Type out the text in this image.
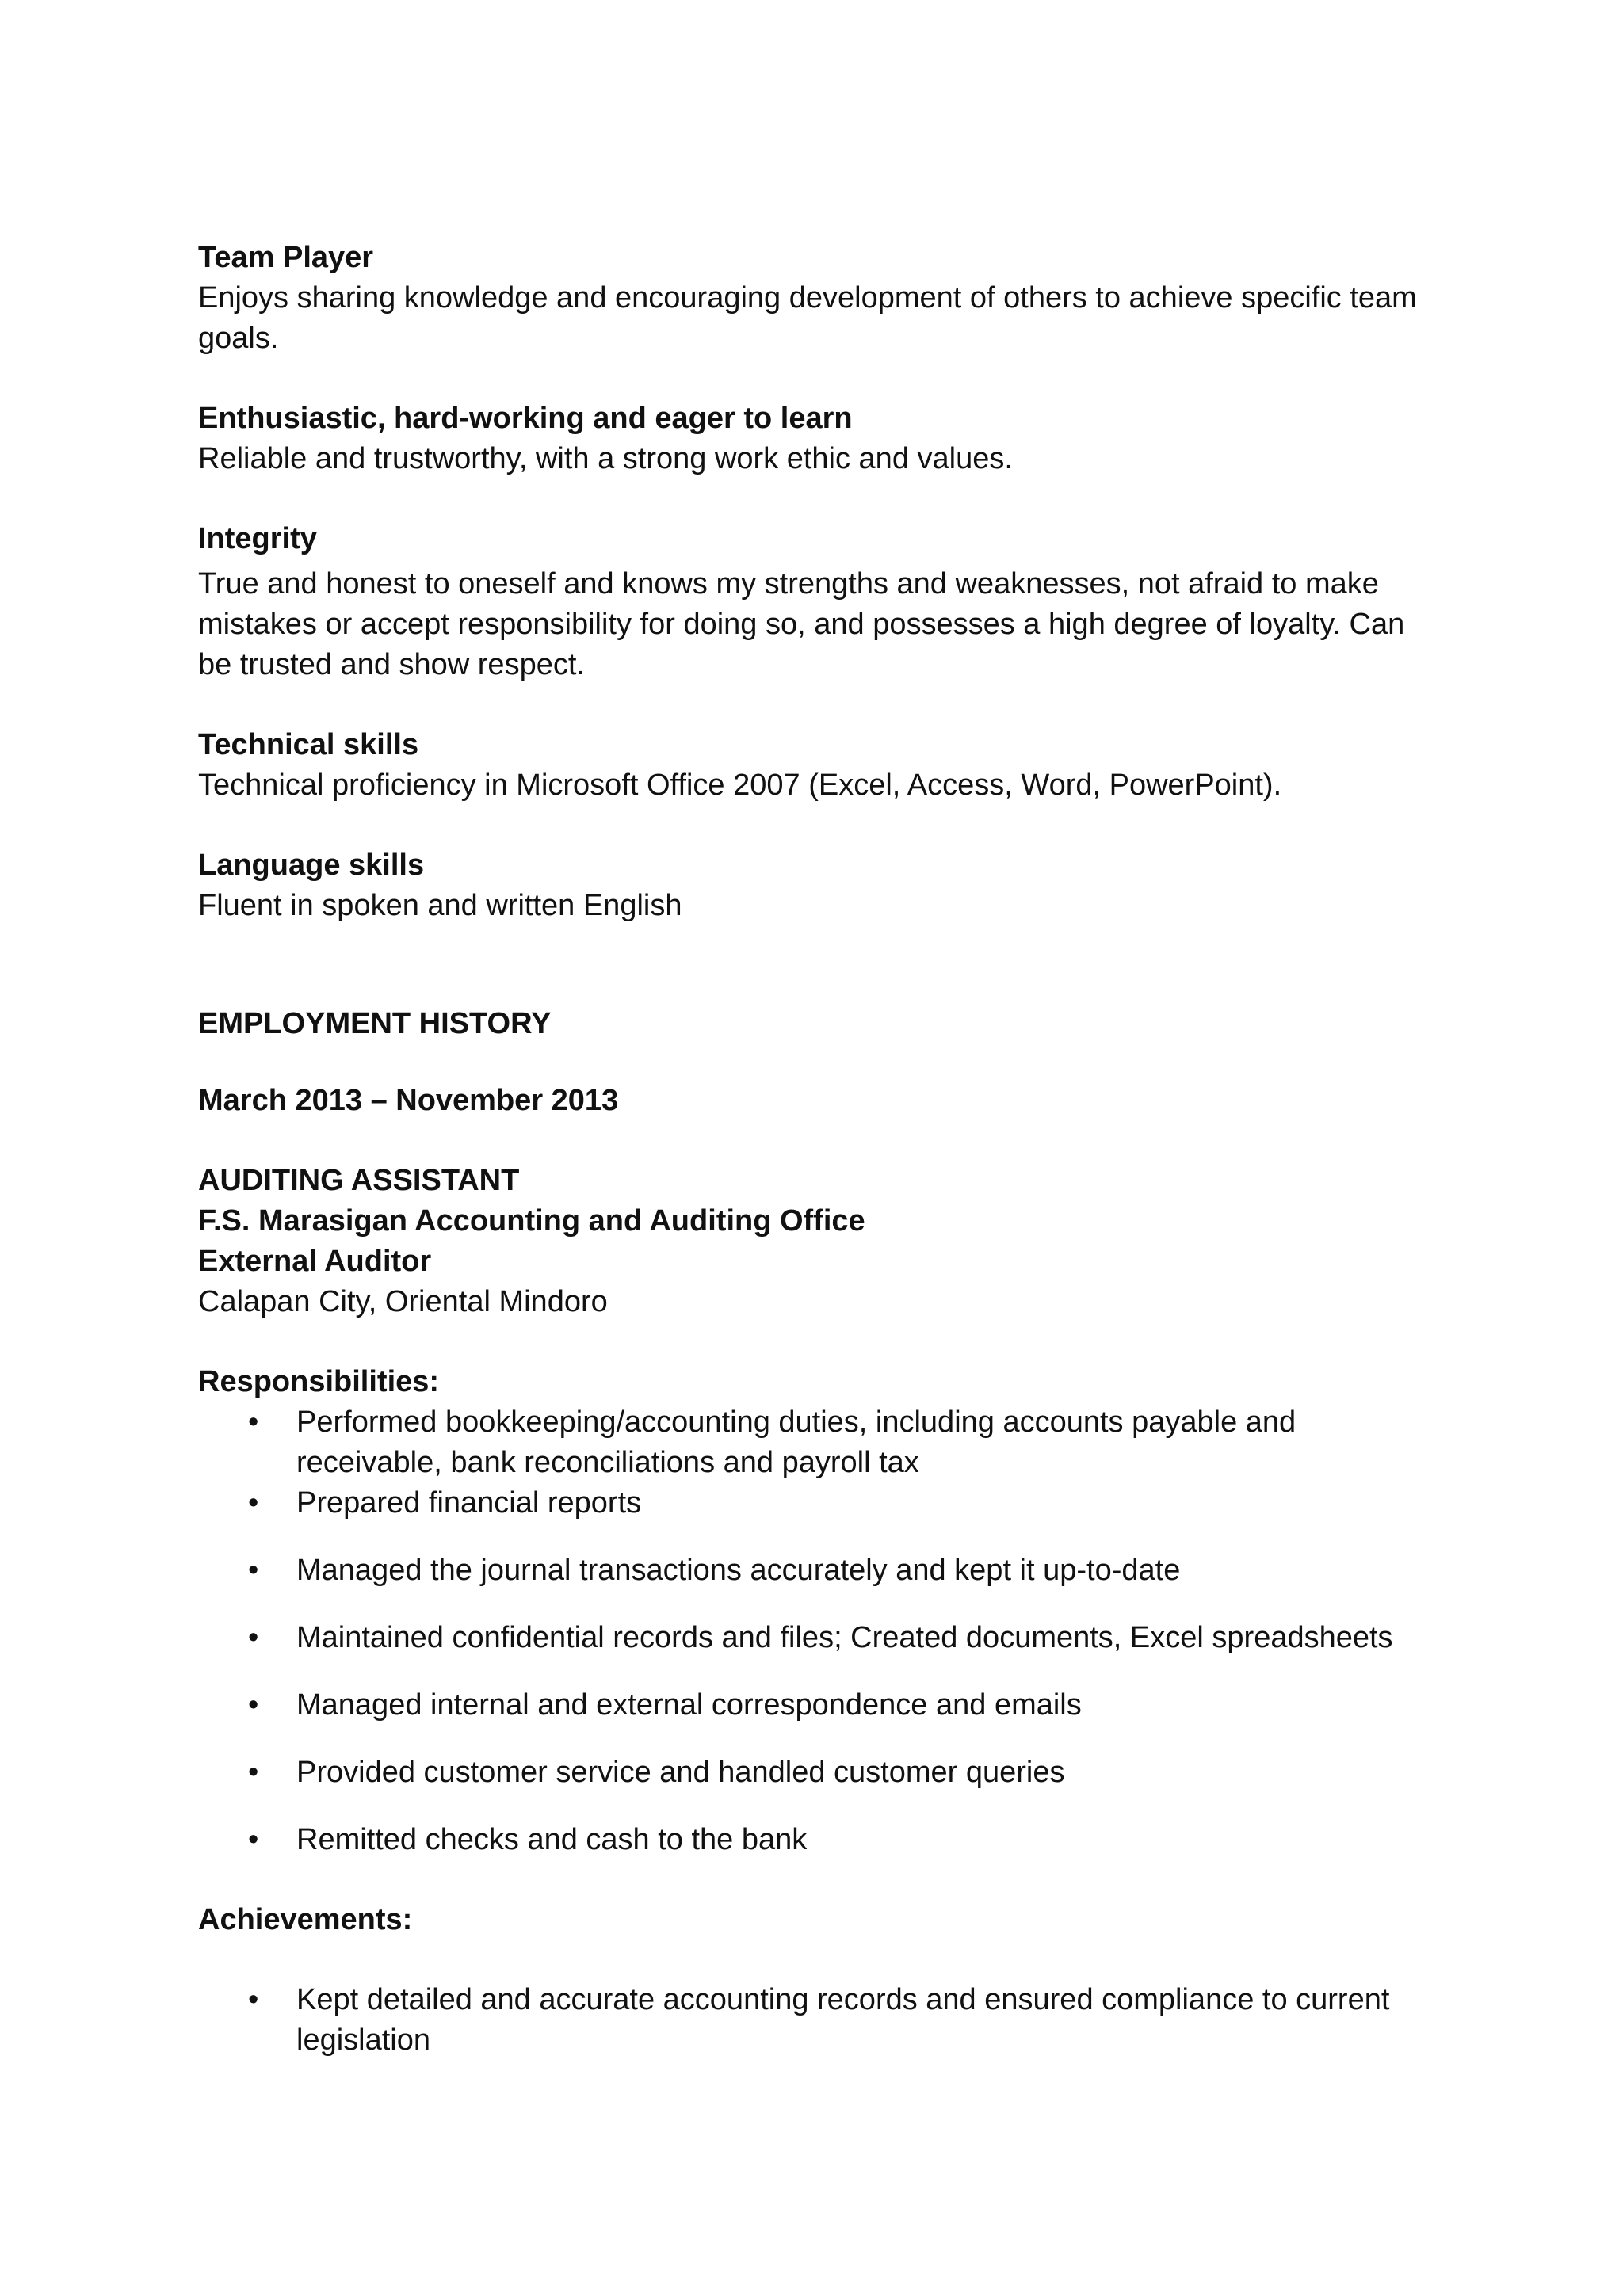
Team Player

Enjoys sharing knowledge and encouraging development of others to achieve specific team goals.

Enthusiastic, hard-working and eager to learn

Reliable and trustworthy, with a strong work ethic and values.

Integrity

True and honest to oneself and knows my strengths and weaknesses, not afraid to make mistakes or accept responsibility for doing so, and possesses a high degree of loyalty. Can be trusted and show respect.

Technical skills

Technical proficiency in Microsoft Office 2007 (Excel, Access, Word, PowerPoint).

Language skills

Fluent in spoken and written English

EMPLOYMENT HISTORY

March 2013 – November 2013

AUDITING ASSISTANT

F.S. Marasigan Accounting and Auditing Office

External Auditor

Calapan City, Oriental Mindoro

Responsibilities:

• Performed bookkeeping/accounting duties, including accounts payable and receivable, bank reconciliations and payroll tax
• Prepared financial reports
• Managed the journal transactions accurately and kept it up-to-date
• Maintained confidential records and files; Created documents, Excel spreadsheets
• Managed internal and external correspondence and emails
• Provided customer service and handled customer queries
• Remitted checks and cash to the bank

Achievements:

• Kept detailed and accurate accounting records and ensured compliance to current legislation
